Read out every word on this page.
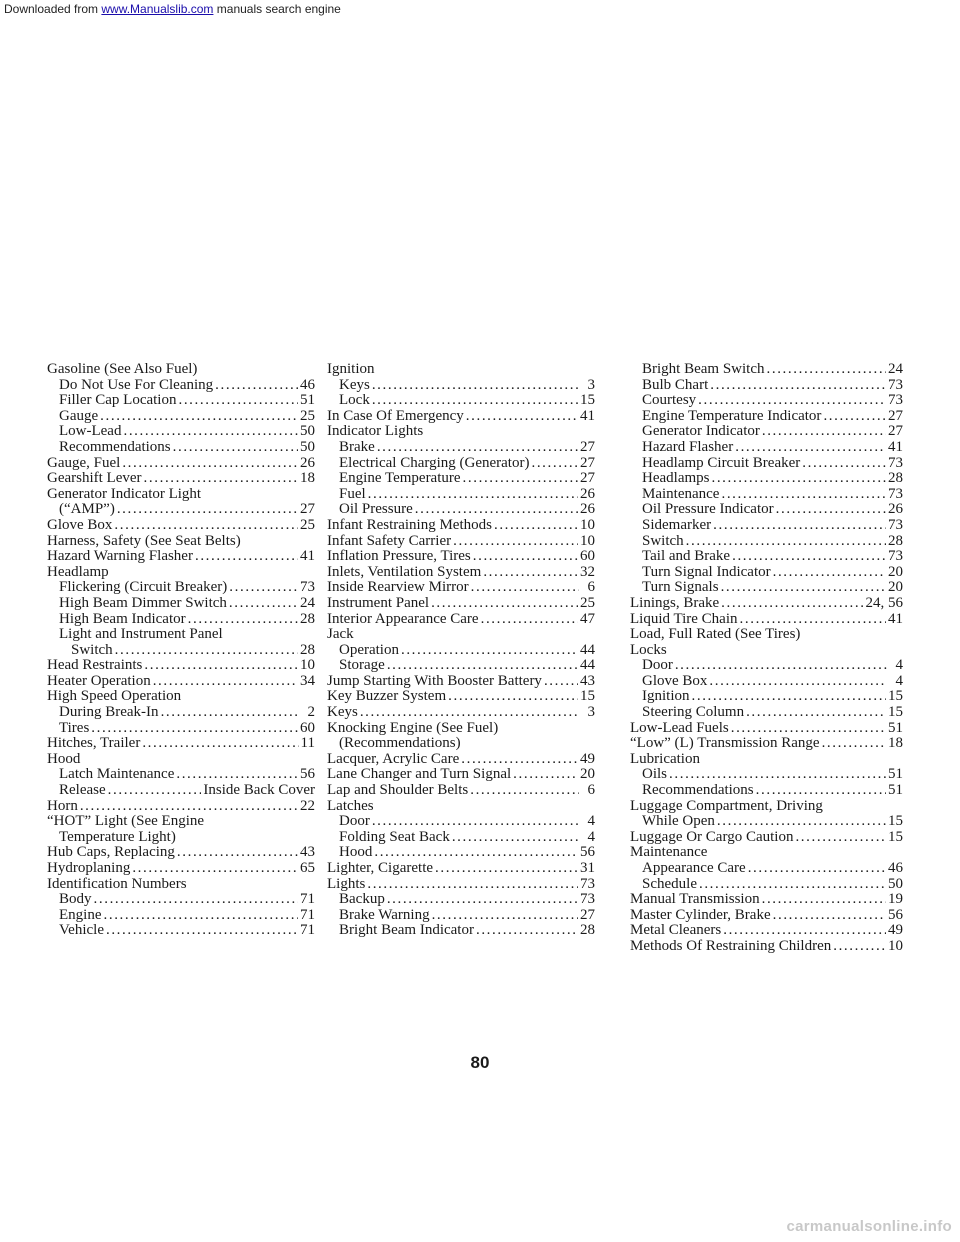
Downloaded from www.Manualslib.com manuals search engine
Gasoline (See Also Fuel)
Do Not Use For Cleaning .....	46
Filler Cap Location .....	51
Gauge .....	25
Low-Lead .....	50
Recommendations .....	50
Gauge, Fuel .....	26
Gearshift Lever .....	18
Generator Indicator Light
(“AMP”) .....	27
Glove Box .....	25
Harness, Safety (See Seat Belts)
Hazard Warning Flasher .....	41
Headlamp
Flickering (Circuit Breaker) .....	73
High Beam Dimmer Switch .....	24
High Beam Indicator .....	28
Light and Instrument Panel
Switch .....	28
Head Restraints .....	10
Heater Operation .....	34
High Speed Operation
During Break-In .....	2
Tires .....	60
Hitches, Trailer .....	11
Hood
Latch Maintenance .....	56
Release .....	Inside Back Cover
Horn .....	22
“HOT” Light (See Engine
Temperature Light)
Hub Caps, Replacing .....	43
Hydroplaning .....	65
Identification Numbers
Body .....	71
Engine .....	71
Vehicle .....	71
Ignition
Keys .....	3
Lock .....	15
In Case Of Emergency .....	41
Indicator Lights
Brake .....	27
Electrical Charging (Generator) .....	27
Engine Temperature .....	27
Fuel .....	26
Oil Pressure .....	26
Infant Restraining Methods .....	10
Infant Safety Carrier .....	10
Inflation Pressure, Tires .....	60
Inlets, Ventilation System .....	32
Inside Rearview Mirror .....	6
Instrument Panel .....	25
Interior Appearance Care .....	47
Jack
Operation .....	44
Storage .....	44
Jump Starting With Booster Battery .....	43
Key Buzzer System .....	15
Keys .....	3
Knocking Engine (See Fuel)
(Recommendations)
Lacquer, Acrylic Care .....	49
Lane Changer and Turn Signal .....	20
Lap and Shoulder Belts .....	6
Latches
Door .....	4
Folding Seat Back .....	4
Hood .....	56
Lighter, Cigarette .....	31
Lights .....	73
Backup .....	73
Brake Warning .....	27
Bright Beam Indicator .....	28
Bright Beam Switch .....	24
Bulb Chart .....	73
Courtesy .....	73
Engine Temperature Indicator .....	27
Generator Indicator .....	27
Hazard Flasher .....	41
Headlamp Circuit Breaker .....	73
Headlamps .....	28
Maintenance .....	73
Oil Pressure Indicator .....	26
Sidemarker .....	73
Switch .....	28
Tail and Brake .....	73
Turn Signal Indicator .....	20
Turn Signals .....	20
Linings, Brake .....	24, 56
Liquid Tire Chain .....	41
Load, Full Rated (See Tires)
Locks
Door .....	4
Glove Box .....	4
Ignition .....	15
Steering Column .....	15
Low-Lead Fuels .....	51
“Low” (L) Transmission Range .....	18
Lubrication
Oils .....	51
Recommendations .....	51
Luggage Compartment, Driving
While Open .....	15
Luggage Or Cargo Caution .....	15
Maintenance
Appearance Care .....	46
Schedule .....	50
Manual Transmission .....	19
Master Cylinder, Brake .....	56
Metal Cleaners .....	49
Methods Of Restraining Children .....	10
80
carmanualsonline.info
